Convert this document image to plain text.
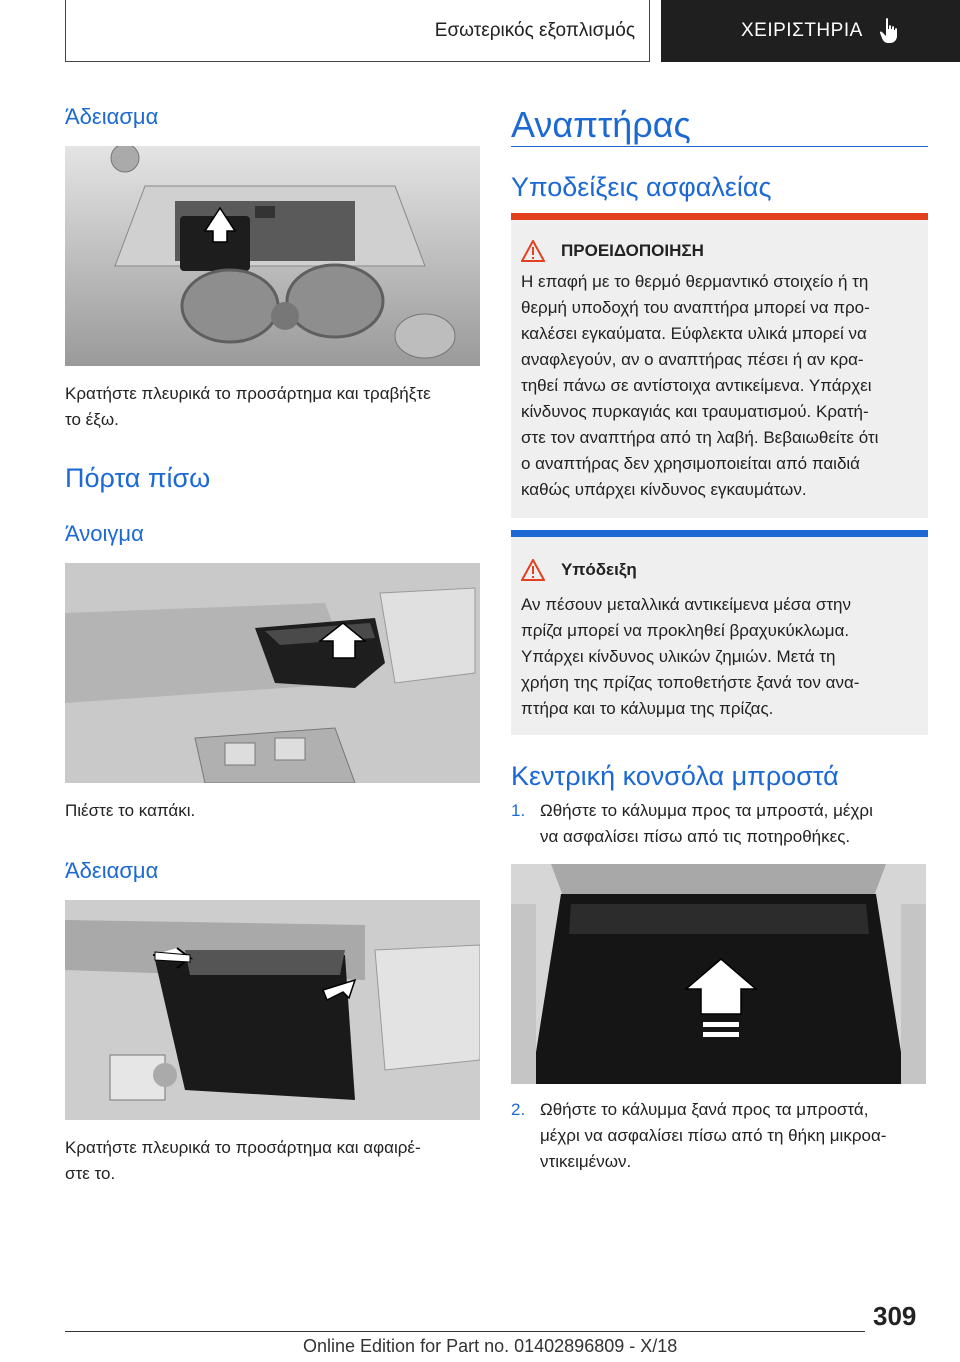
Εσωτερικός εξοπλισμός	ΧΕΙΡΙΣΤΗΡΙΑ
Άδειασμα
Κρατήστε πλευρικά το προσάρτημα και τραβήξτε
το έξω.
Πόρτα πίσω
Άνοιγμα
Πιέστε το καπάκι.
Άδειασμα
Κρατήστε πλευρικά το προσάρτημα και αφαιρέ-
στε το.
Αναπτήρας
Υποδείξεις ασφαλείας
ΠΡΟΕΙΔΟΠΟΙΗΣΗ
Η επαφή με το θερμό θερμαντικό στοιχείο ή τη
θερμή υποδοχή του αναπτήρα μπορεί να προ-
καλέσει εγκαύματα. Εύφλεκτα υλικά μπορεί να
αναφλεγούν, αν ο αναπτήρας πέσει ή αν κρα-
τηθεί πάνω σε αντίστοιχα αντικείμενα. Υπάρχει
κίνδυνος πυρκαγιάς και τραυματισμού. Κρατή-
στε τον αναπτήρα από τη λαβή. Βεβαιωθείτε ότι
ο αναπτήρας δεν χρησιμοποιείται από παιδιά
καθώς υπάρχει κίνδυνος εγκαυμάτων.
Υπόδειξη
Αν πέσουν μεταλλικά αντικείμενα μέσα στην
πρίζα μπορεί να προκληθεί βραχυκύκλωμα.
Υπάρχει κίνδυνος υλικών ζημιών. Μετά τη
χρήση της πρίζας τοποθετήστε ξανά τον ανα-
πτήρα και το κάλυμμα της πρίζας.
Κεντρική κονσόλα μπροστά
1. Ωθήστε το κάλυμμα προς τα μπροστά, μέχρι
να ασφαλίσει πίσω από τις ποτηροθήκες.
2. Ωθήστε το κάλυμμα ξανά προς τα μπροστά,
μέχρι να ασφαλίσει πίσω από τη θήκη μικροα-
ντικειμένων.
309
Online Edition for Part no. 01402896809 - X/18
